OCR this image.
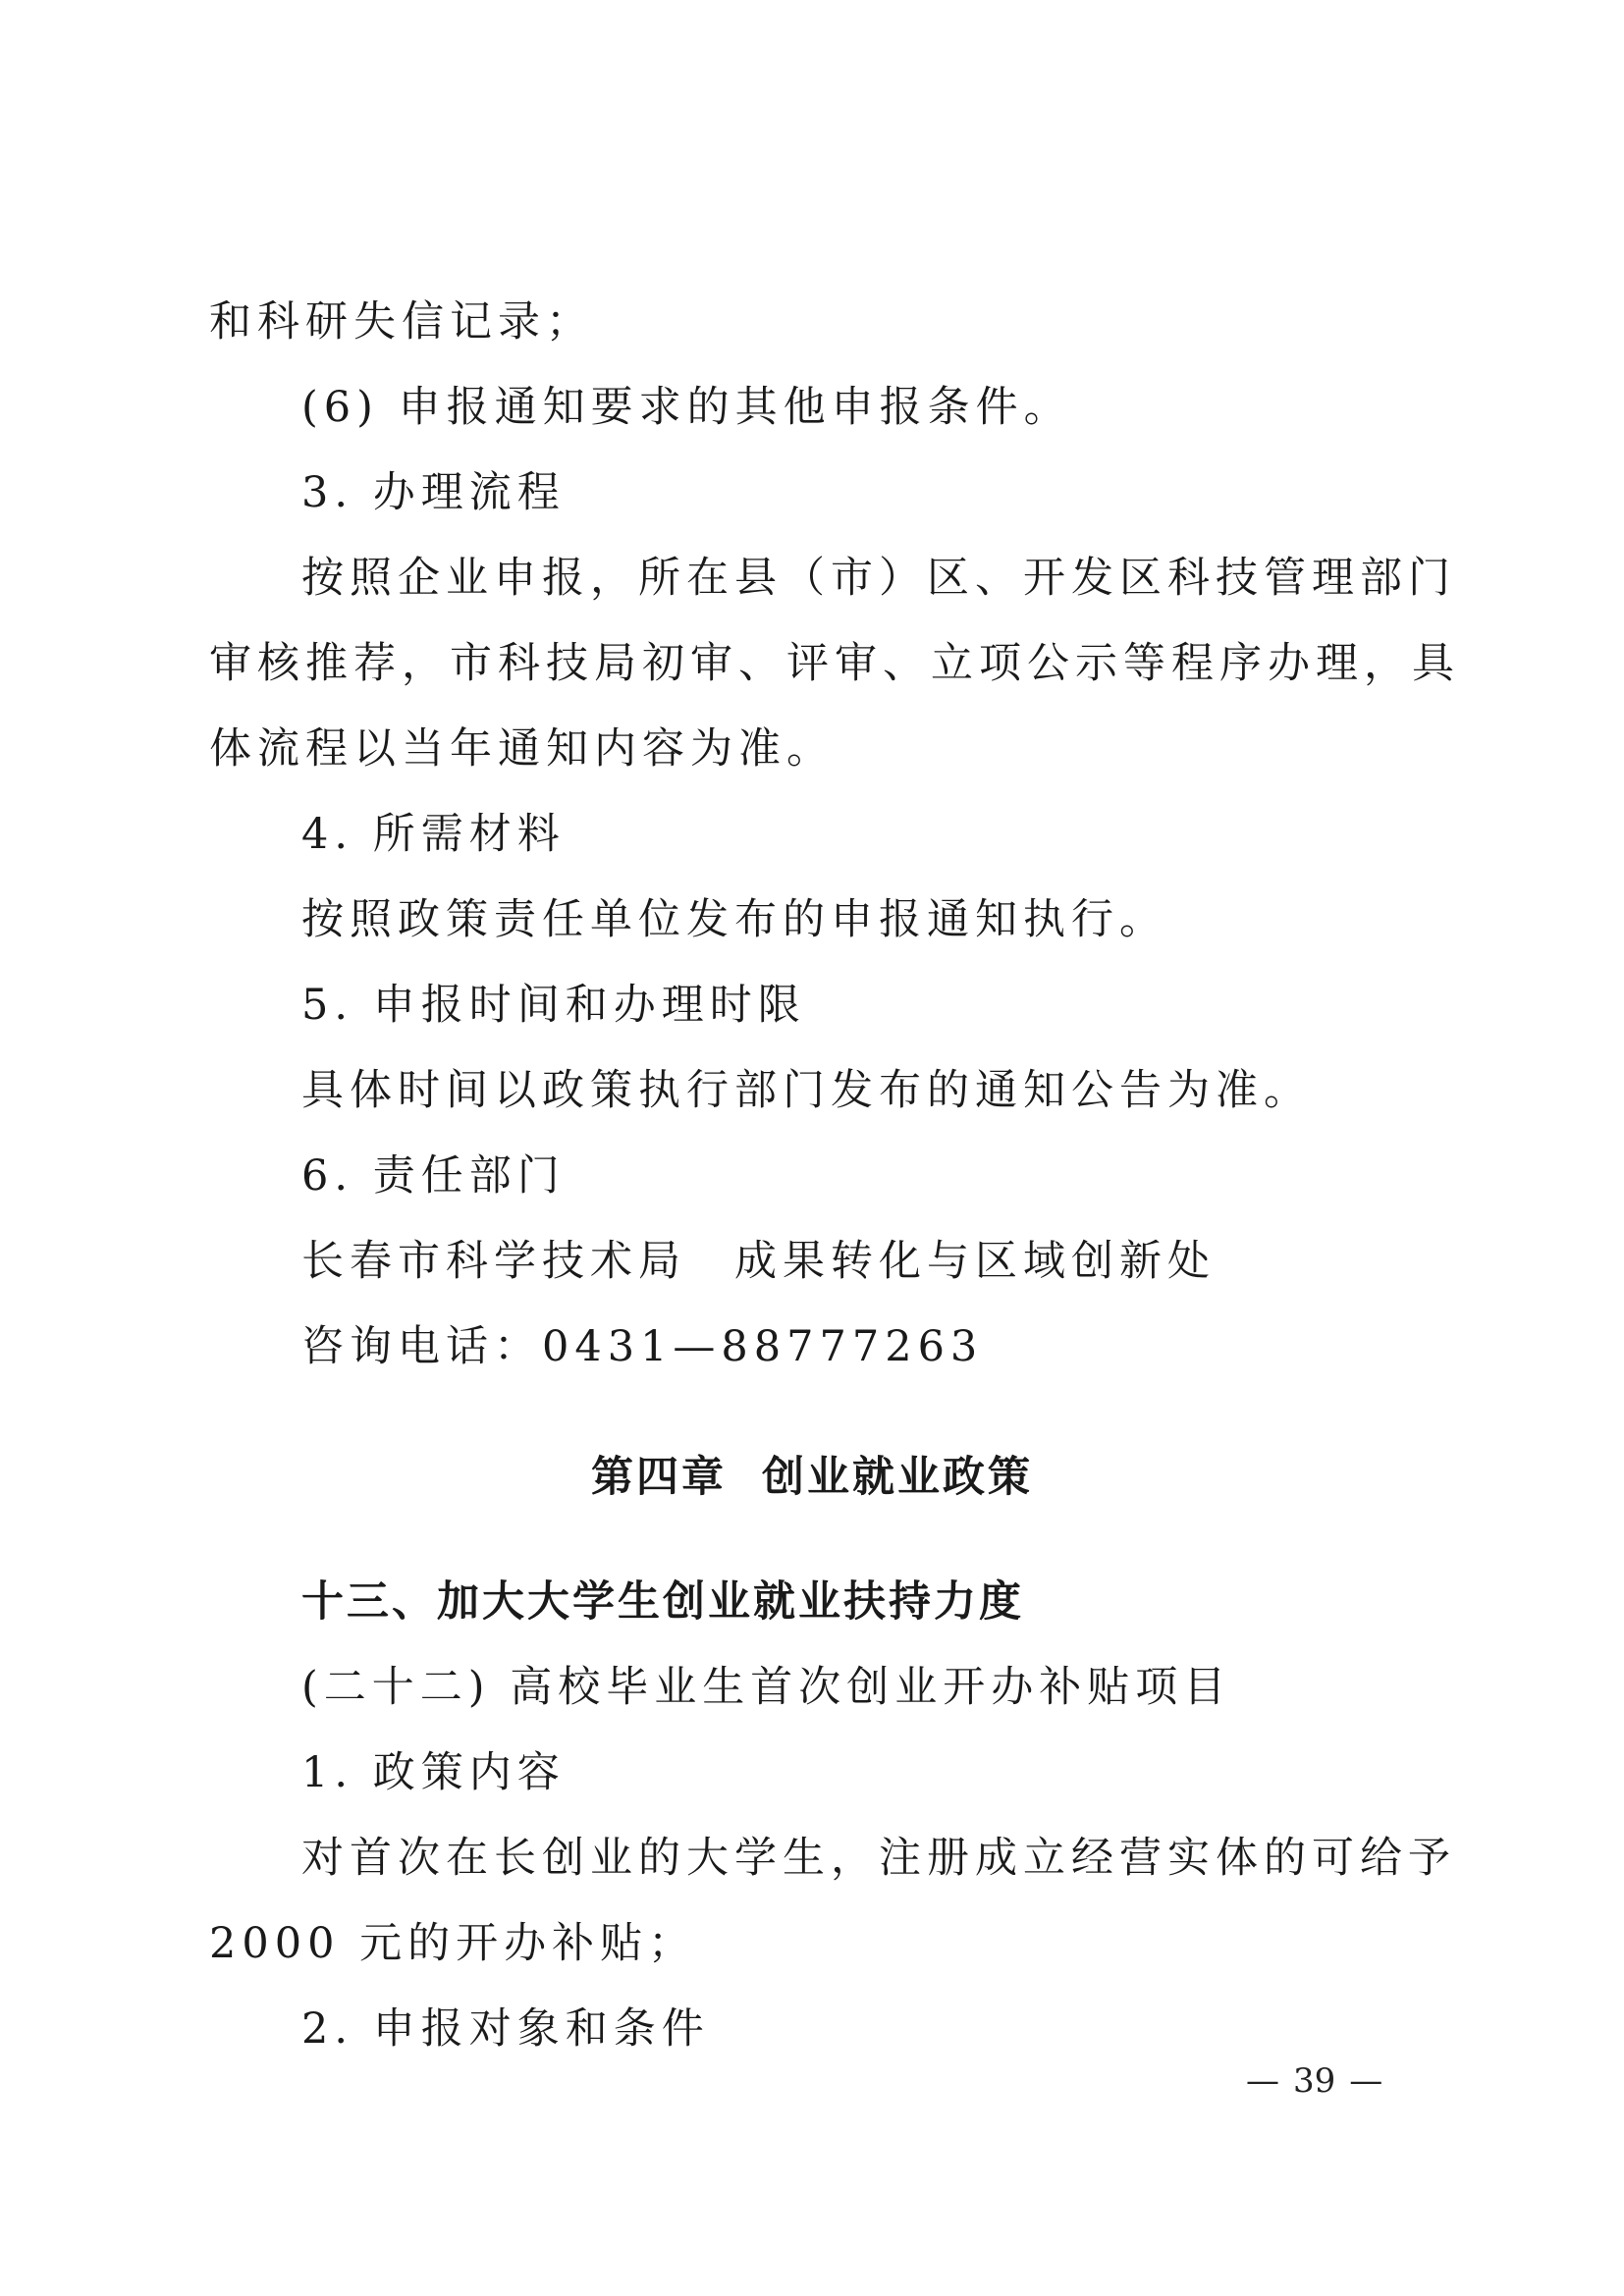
和科研失信记录；
(6) 申报通知要求的其他申报条件。
3. 办理流程
按照企业申报，所在县（市）区、开发区科技管理部门
审核推荐，市科技局初审、评审、立项公示等程序办理，具
体流程以当年通知内容为准。
4. 所需材料
按照政策责任单位发布的申报通知执行。
5. 申报时间和办理时限
具体时间以政策执行部门发布的通知公告为准。
6. 责任部门
长春市科学技术局　成果转化与区域创新处
咨询电话：0431—88777263
第四章 创业就业政策
十三、加大大学生创业就业扶持力度
(二十二) 高校毕业生首次创业开办补贴项目
1. 政策内容
对首次在长创业的大学生，注册成立经营实体的可给予
2000 元的开办补贴；
2. 申报对象和条件
— 39 —
